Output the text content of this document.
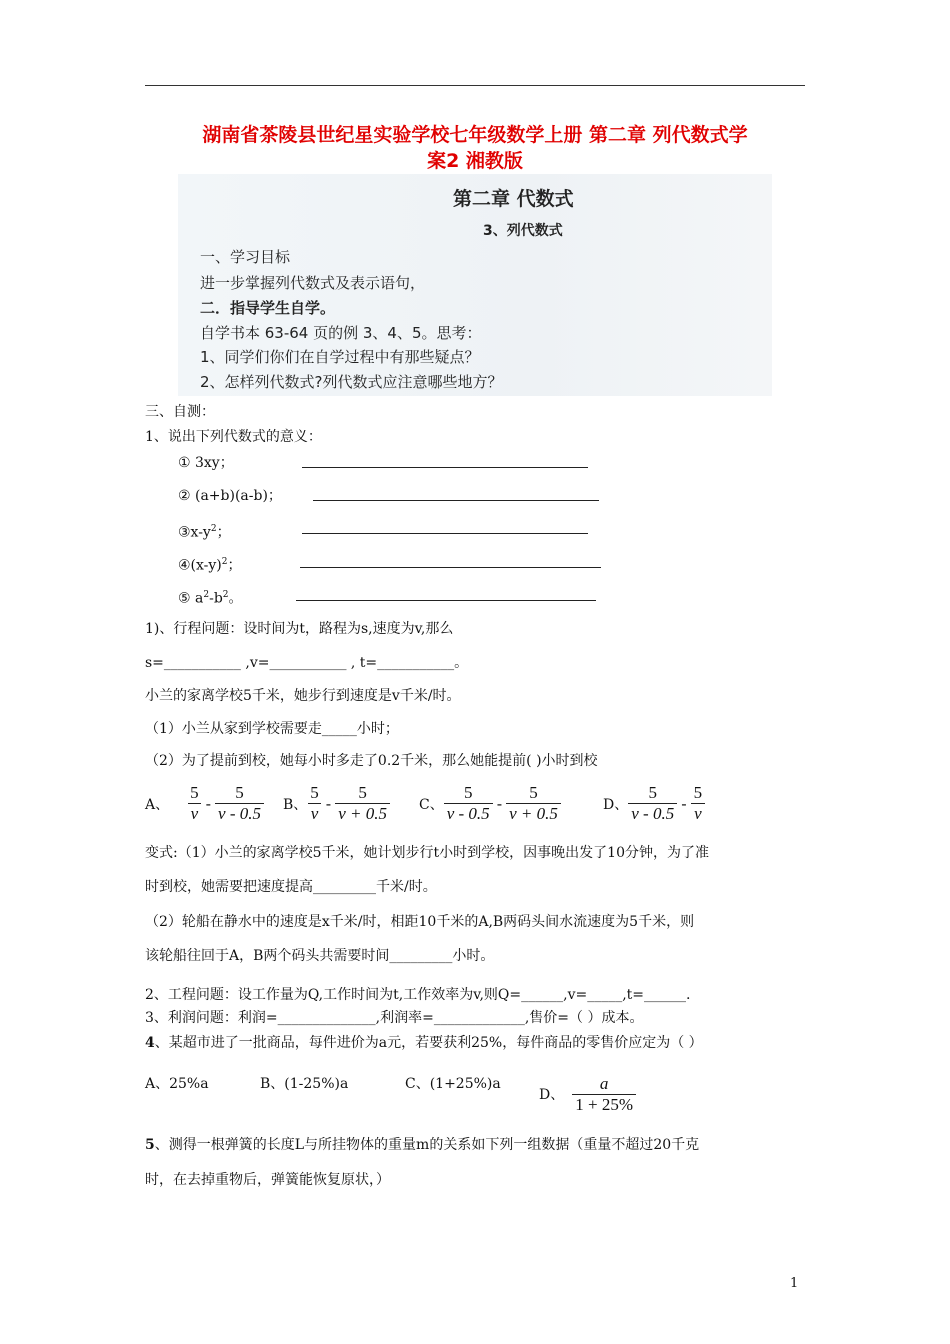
湖南省茶陵县世纪星实验学校七年级数学上册 第二章 列代数式学
案2 湘教版
第二章 代数式
3、列代数式
一、学习目标
进一步掌握列代数式及表示语句，
二．指导学生自学。
自学书本 63-64 页的例 3、4、5。思考：
1、同学们你们在自学过程中有那些疑点？
2、怎样列代数式?列代数式应注意哪些地方？
三、自测：
1、说出下列代数式的意义：
① 3xy；
② (a+b)(a-b)；
$③x-y^2$；
$④(x-y)^2$；
⑤ $a^2-b^2$。
1)、行程问题：设时间为t，路程为s,速度为v,那么
s=___________ ,v=___________ , t=___________。
小兰的家离学校5千米，她步行到速度是v千米/时。
（1）小兰从家到学校需要走_____小时；
（2）为了提前到校，她每小时多走了0.2千米，那么她能提前( )小时到校
A、 $\frac{5}{v} - \frac{5}{v - 0.5}$ B、 $\frac{5}{v} - \frac{5}{v + 0.5}$ C、 $\frac{5}{v - 0.5} - \frac{5}{v + 0.5}$	D、 $\frac{5}{v - 0.5} - \frac{5}{v}$
变式:（1）小兰的家离学校5千米，她计划步行t小时到学校，因事晚出发了10分钟，为了准
时到校，她需要把速度提高_________千米/时。
（2）轮船在静水中的速度是x千米/时，相距10千米的A,B两码头间水流速度为5千米，则
该轮船往回于A，B两个码头共需要时间_________小时。
2、工程问题：设工作量为Q,工作时间为t,工作效率为v,则Q=______,v=_____,t=______.
3、利润问题：利润=______________,利润率=_____________,售价=（ ）成本。
4、某超市进了一批商品，每件进价为a元，若要获利25%，每件商品的零售价应定为（ ）
A、25%a	B、(1-25%)a	C、(1+25%)a
D、 $\frac{a}{1 + 25\%}$
5、测得一根弹簧的长度L与所挂物体的重量m的关系如下列一组数据（重量不超过20千克
时，在去掉重物后，弹簧能恢复原状，）
1
